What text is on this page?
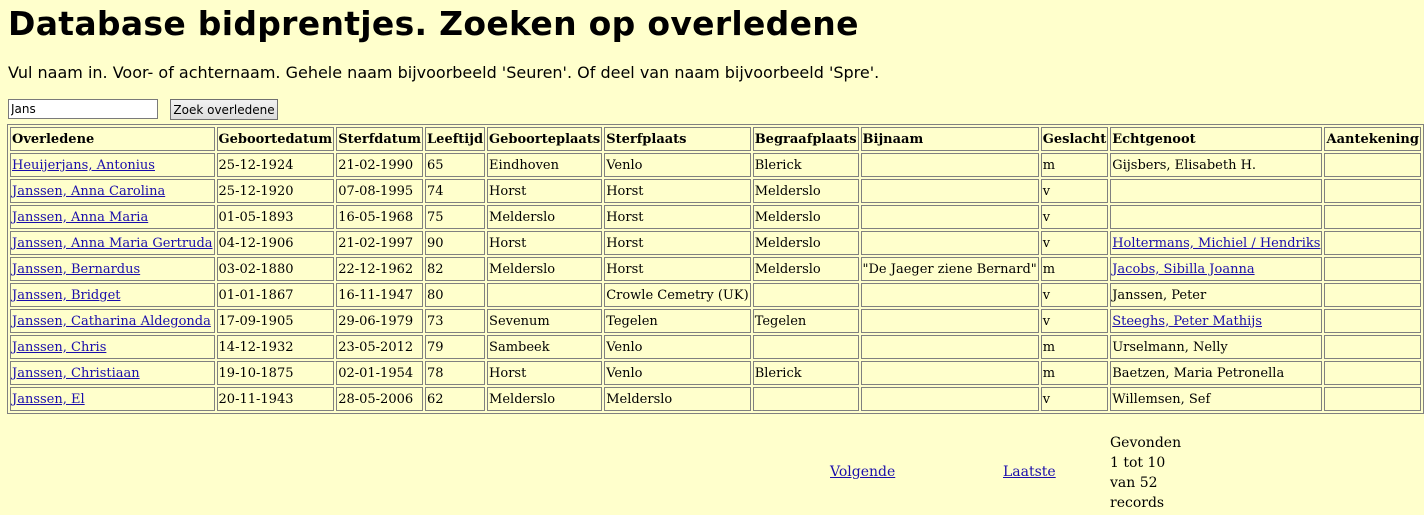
Database bidprentjes. Zoeken op overledene

Vul naam in. Voor- of achternaam. Gehele naam bijvoorbeeld 'Seuren'. Of deel van naam bijvoorbeeld 'Spre'.

Jans
Zoek overledene
Overledene	Geboortedatum	Sterfdatum	Leeftijd	Geboorteplaats	Sterfplaats	Begraafplaats	Bijnaam	Geslacht	Echtgenoot	Aantekening
Heuijerjans, Antonius	25-12-1924	21-02-1990	65	Eindhoven	Venlo	Blerick		m	Gijsbers, Elisabeth H.	
Janssen, Anna Carolina	25-12-1920	07-08-1995	74	Horst	Horst	Melderslo		v		
Janssen, Anna Maria	01-05-1893	16-05-1968	75	Melderslo	Horst	Melderslo		v		
Janssen, Anna Maria Gertruda	04-12-1906	21-02-1997	90	Horst	Horst	Melderslo		v	Holtermans, Michiel / Hendriks	
Janssen, Bernardus	03-02-1880	22-12-1962	82	Melderslo	Horst	Melderslo	"De Jaeger ziene Bernard"	m	Jacobs, Sibilla Joanna	
Janssen, Bridget	01-01-1867	16-11-1947	80		Crowle Cemetry (UK)			v	Janssen, Peter	
Janssen, Catharina Aldegonda	17-09-1905	29-06-1979	73	Sevenum	Tegelen	Tegelen		v	Steeghs, Peter Mathijs	
Janssen, Chris	14-12-1932	23-05-2012	79	Sambeek	Venlo			m	Urselmann, Nelly	
Janssen, Christiaan	19-10-1875	02-01-1954	78	Horst	Venlo	Blerick		m	Baetzen, Maria Petronella	
Janssen, El	20-11-1943	28-05-2006	62	Melderslo	Melderslo			v	Willemsen, Sef	
Volgende	Laatste
Gevonden 1 tot 10 van 52 records
